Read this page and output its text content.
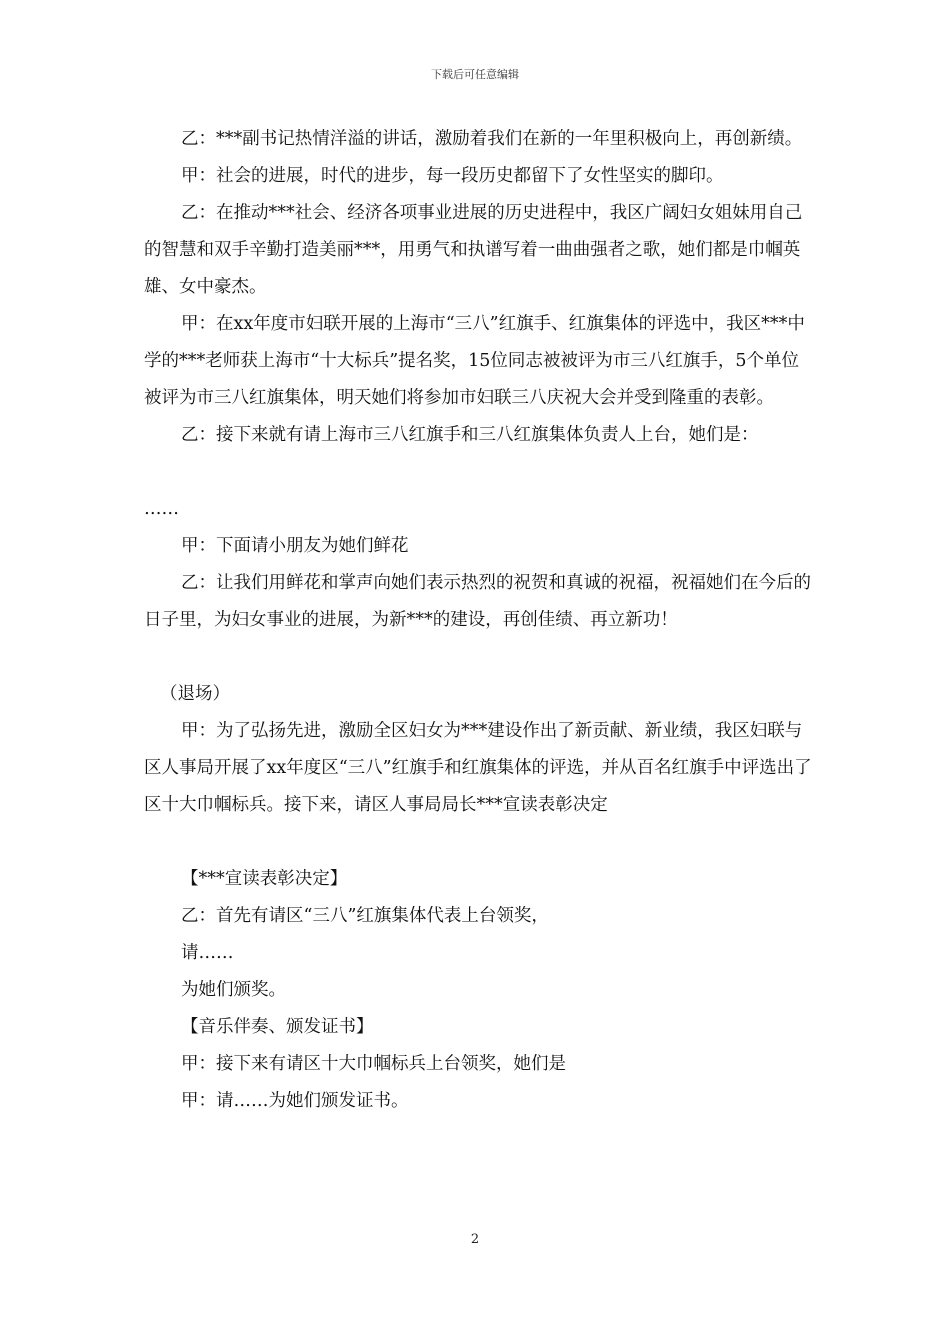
下载后可任意编辑

乙：***副书记热情洋溢的讲话，激励着我们在新的一年里积极向上，再创新绩。

甲：社会的进展，时代的进步，每一段历史都留下了女性坚实的脚印。

乙：在推动***社会、经济各项事业进展的历史进程中，我区广阔妇女姐妹用自己的智慧和双手辛勤打造美丽***，用勇气和执谱写着一曲曲强者之歌，她们都是巾帼英雄、女中豪杰。

甲：在xx年度市妇联开展的上海市“三八”红旗手、红旗集体的评选中，我区***中学的***老师获上海市“十大标兵”提名奖，15位同志被被评为市三八红旗手，5个单位被评为市三八红旗集体，明天她们将参加市妇联三八庆祝大会并受到隆重的表彰。

乙：接下来就有请上海市三八红旗手和三八红旗集体负责人上台，她们是：

……

甲：下面请小朋友为她们鲜花

乙：让我们用鲜花和掌声向她们表示热烈的祝贺和真诚的祝福，祝福她们在今后的日子里，为妇女事业的进展，为新***的建设，再创佳绩、再立新功！

（退场）

甲：为了弘扬先进，激励全区妇女为***建设作出了新贡献、新业绩，我区妇联与区人事局开展了xx年度区“三八”红旗手和红旗集体的评选，并从百名红旗手中评选出了区十大巾帼标兵。接下来，请区人事局局长***宣读表彰决定

【***宣读表彰决定】

乙：首先有请区“三八”红旗集体代表上台领奖，

请……

为她们颁奖。

【音乐伴奏、颁发证书】

甲：接下来有请区十大巾帼标兵上台领奖，她们是

甲：请……为她们颁发证书。

2
